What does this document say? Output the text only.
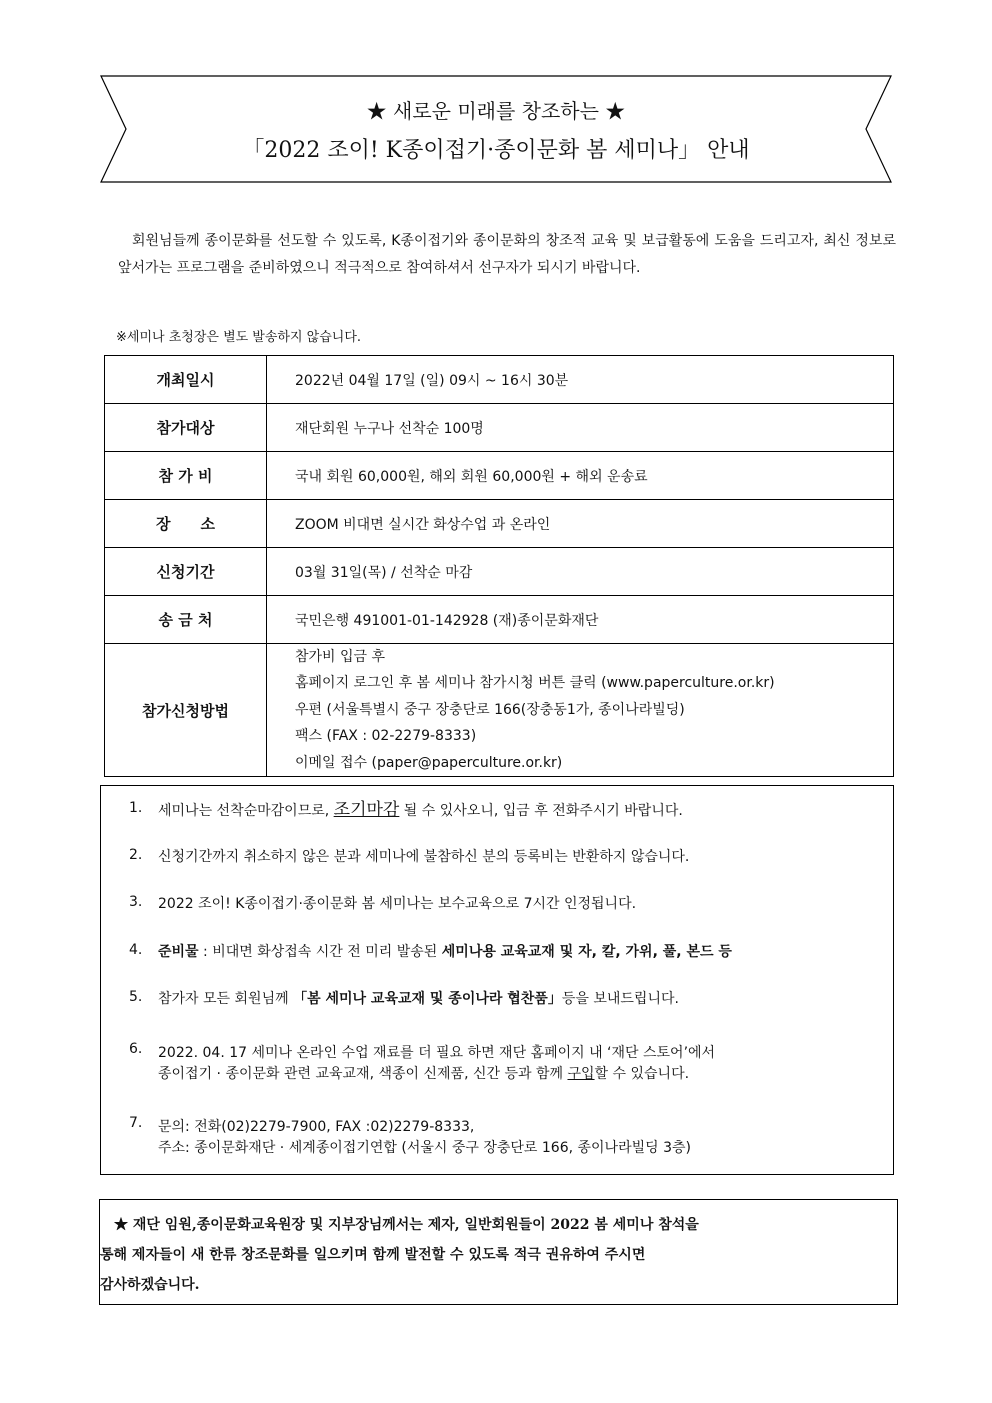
★ 새로운 미래를 창조하는 ★
「2022 조이! K종이접기·종이문화 봄 세미나」 안내
회원님들께 종이문화를 선도할 수 있도록, K종이접기와 종이문화의 창조적 교육 및 보급활동에 도움을 드리고자, 최신 정보로 앞서가는 프로그램을 준비하였으니 적극적으로 참여하셔서 선구자가 되시기 바랍니다.
※세미나 초청장은 별도 발송하지 않습니다.
개최일시	2022년 04월 17일 (일) 09시 ~ 16시 30분
참가대상	재단회원 누구나 선착순 100명
참 가 비	국내 회원 60,000원, 해외 회원 60,000원 + 해외 운송료
장　　소	ZOOM 비대면 실시간 화상수업 과 온라인
신청기간	03월 31일(목) / 선착순 마감
송 금 처	국민은행 491001-01-142928 (재)종이문화재단
참가신청방법	참가비 입금 후
홈페이지 로그인 후 봄 세미나 참가시청 버튼 클릭 (www.paperculture.or.kr)
우편 (서울특별시 중구 장충단로 166(장충동1가, 종이나라빌딩)
팩스 (FAX : 02-2279-8333)
이메일 접수 (paper@paperculture.or.kr)
1. 세미나는 선착순마감이므로, 조기마감 될 수 있사오니, 입금 후 전화주시기 바랍니다.
2. 신청기간까지 취소하지 않은 분과 세미나에 불참하신 분의 등록비는 반환하지 않습니다.
3. 2022 조이! K종이접기·종이문화 봄 세미나는 보수교육으로 7시간 인정됩니다.
4. 준비물 : 비대면 화상접속 시간 전 미리 발송된 세미나용 교육교재 및 자, 칼, 가위, 풀, 본드 등
5. 참가자 모든 회원님께 「봄 세미나 교육교재 및 종이나라 협찬품」등을 보내드립니다.
6. 2022. 04. 17 세미나 온라인 수업 재료를 더 필요 하면 재단 홈페이지 내 ‘재단 스토어’에서
종이접기 · 종이문화 관련 교육교재, 색종이 신제품, 신간 등과 함께 구입할 수 있습니다.
7. 문의: 전화(02)2279-7900, FAX :02)2279-8333,
주소: 종이문화재단 · 세계종이접기연합 (서울시 중구 장충단로 166, 종이나라빌딩 3층)
★ 재단 임원,종이문화교육원장 및 지부장님께서는 제자, 일반회원들이 2022 봄 세미나 참석을
통해 제자들이 새 한류 창조문화를 일으키며 함께 발전할 수 있도록 적극 권유하여 주시면
감사하겠습니다.
